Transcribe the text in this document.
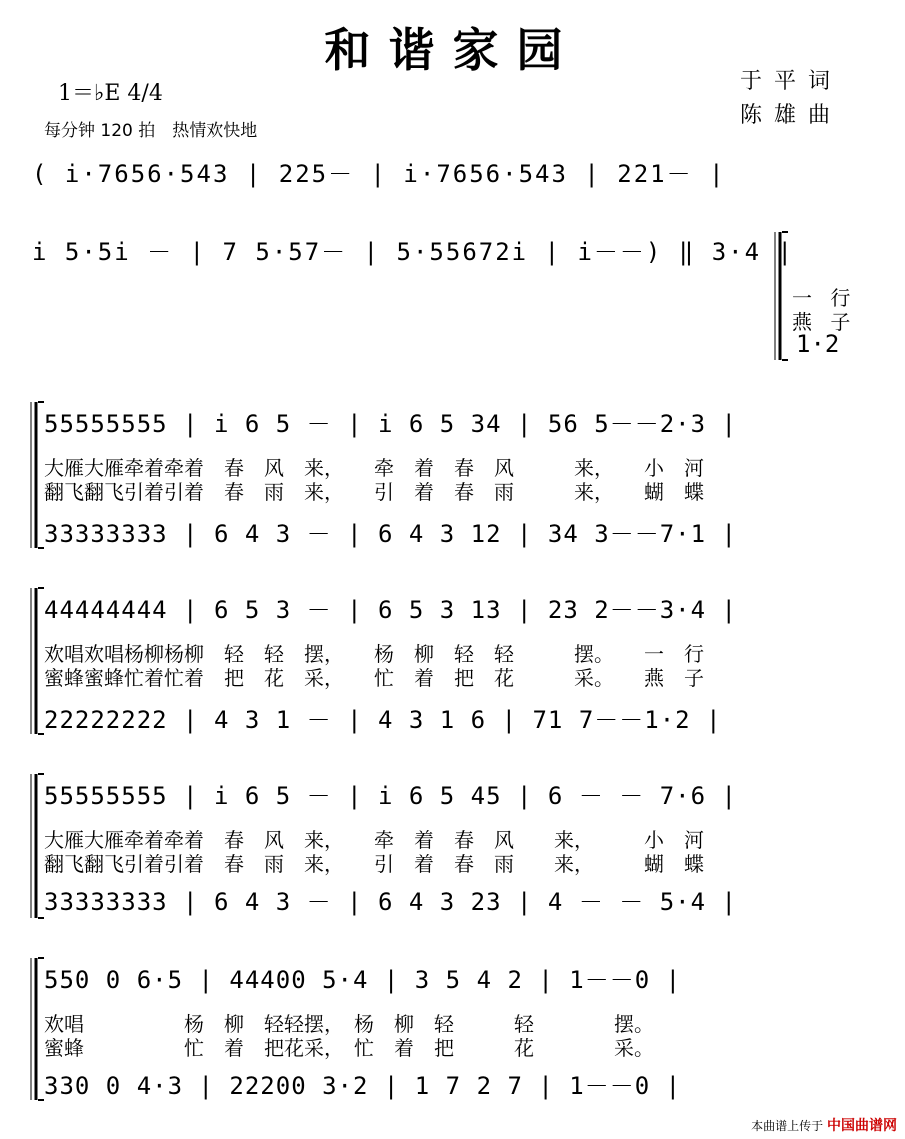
和谐家园
1＝♭E 4/4
每分钟 120 拍　热情欢快地
于平词
陈雄曲
( i·7656·543 | 225－ | i·7656·543 | 221－ |
i 5·5i － | 7 5·57－ | 5·55672i | i－－) ‖ 3·4 |
一 行
燕 子
1·2
55555555 | i 6 5 － | i 6 5 34 | 56 5－－2·3 |
大雁大雁牵着牵着　春　风　来，　　牵　着　春　风　　　来，　　小　河
翻飞翻飞引着引着　春　雨　来，　　引　着　春　雨　　　来，　　蝴　蝶
33333333 | 6 4 3 － | 6 4 3 12 | 34 3－－7·1 |
44444444 | 6 5 3 － | 6 5 3 13 | 23 2－－3·4 |
欢唱欢唱杨柳杨柳　轻　轻　摆，　　杨　柳　轻　轻　　　摆。　　一　行
蜜蜂蜜蜂忙着忙着　把　花　采，　　忙　着　把　花　　　采。　　燕　子
22222222 | 4 3 1 － | 4 3 1 6 | 71 7－－1·2 |
55555555 | i 6 5 － | i 6 5 45 | 6 － － 7·6 |
大雁大雁牵着牵着　春　风　来，　　牵　着　春　风　　来，　　　小　河
翻飞翻飞引着引着　春　雨　来，　　引　着　春　雨　　来，　　　蝴　蝶
33333333 | 6 4 3 － | 6 4 3 23 | 4 － － 5·4 |
550 0 6·5 | 44400 5·4 | 3 5 4 2 | 1－－0 |
欢唱　　　　　杨　柳　轻轻摆，　杨　柳　轻　　　轻　　　　摆。
蜜蜂　　　　　忙　着　把花采，　忙　着　把　　　花　　　　采。
330 0 4·3 | 22200 3·2 | 1 7 2 7 | 1－－0 |
本曲谱上传于 中国曲谱网
